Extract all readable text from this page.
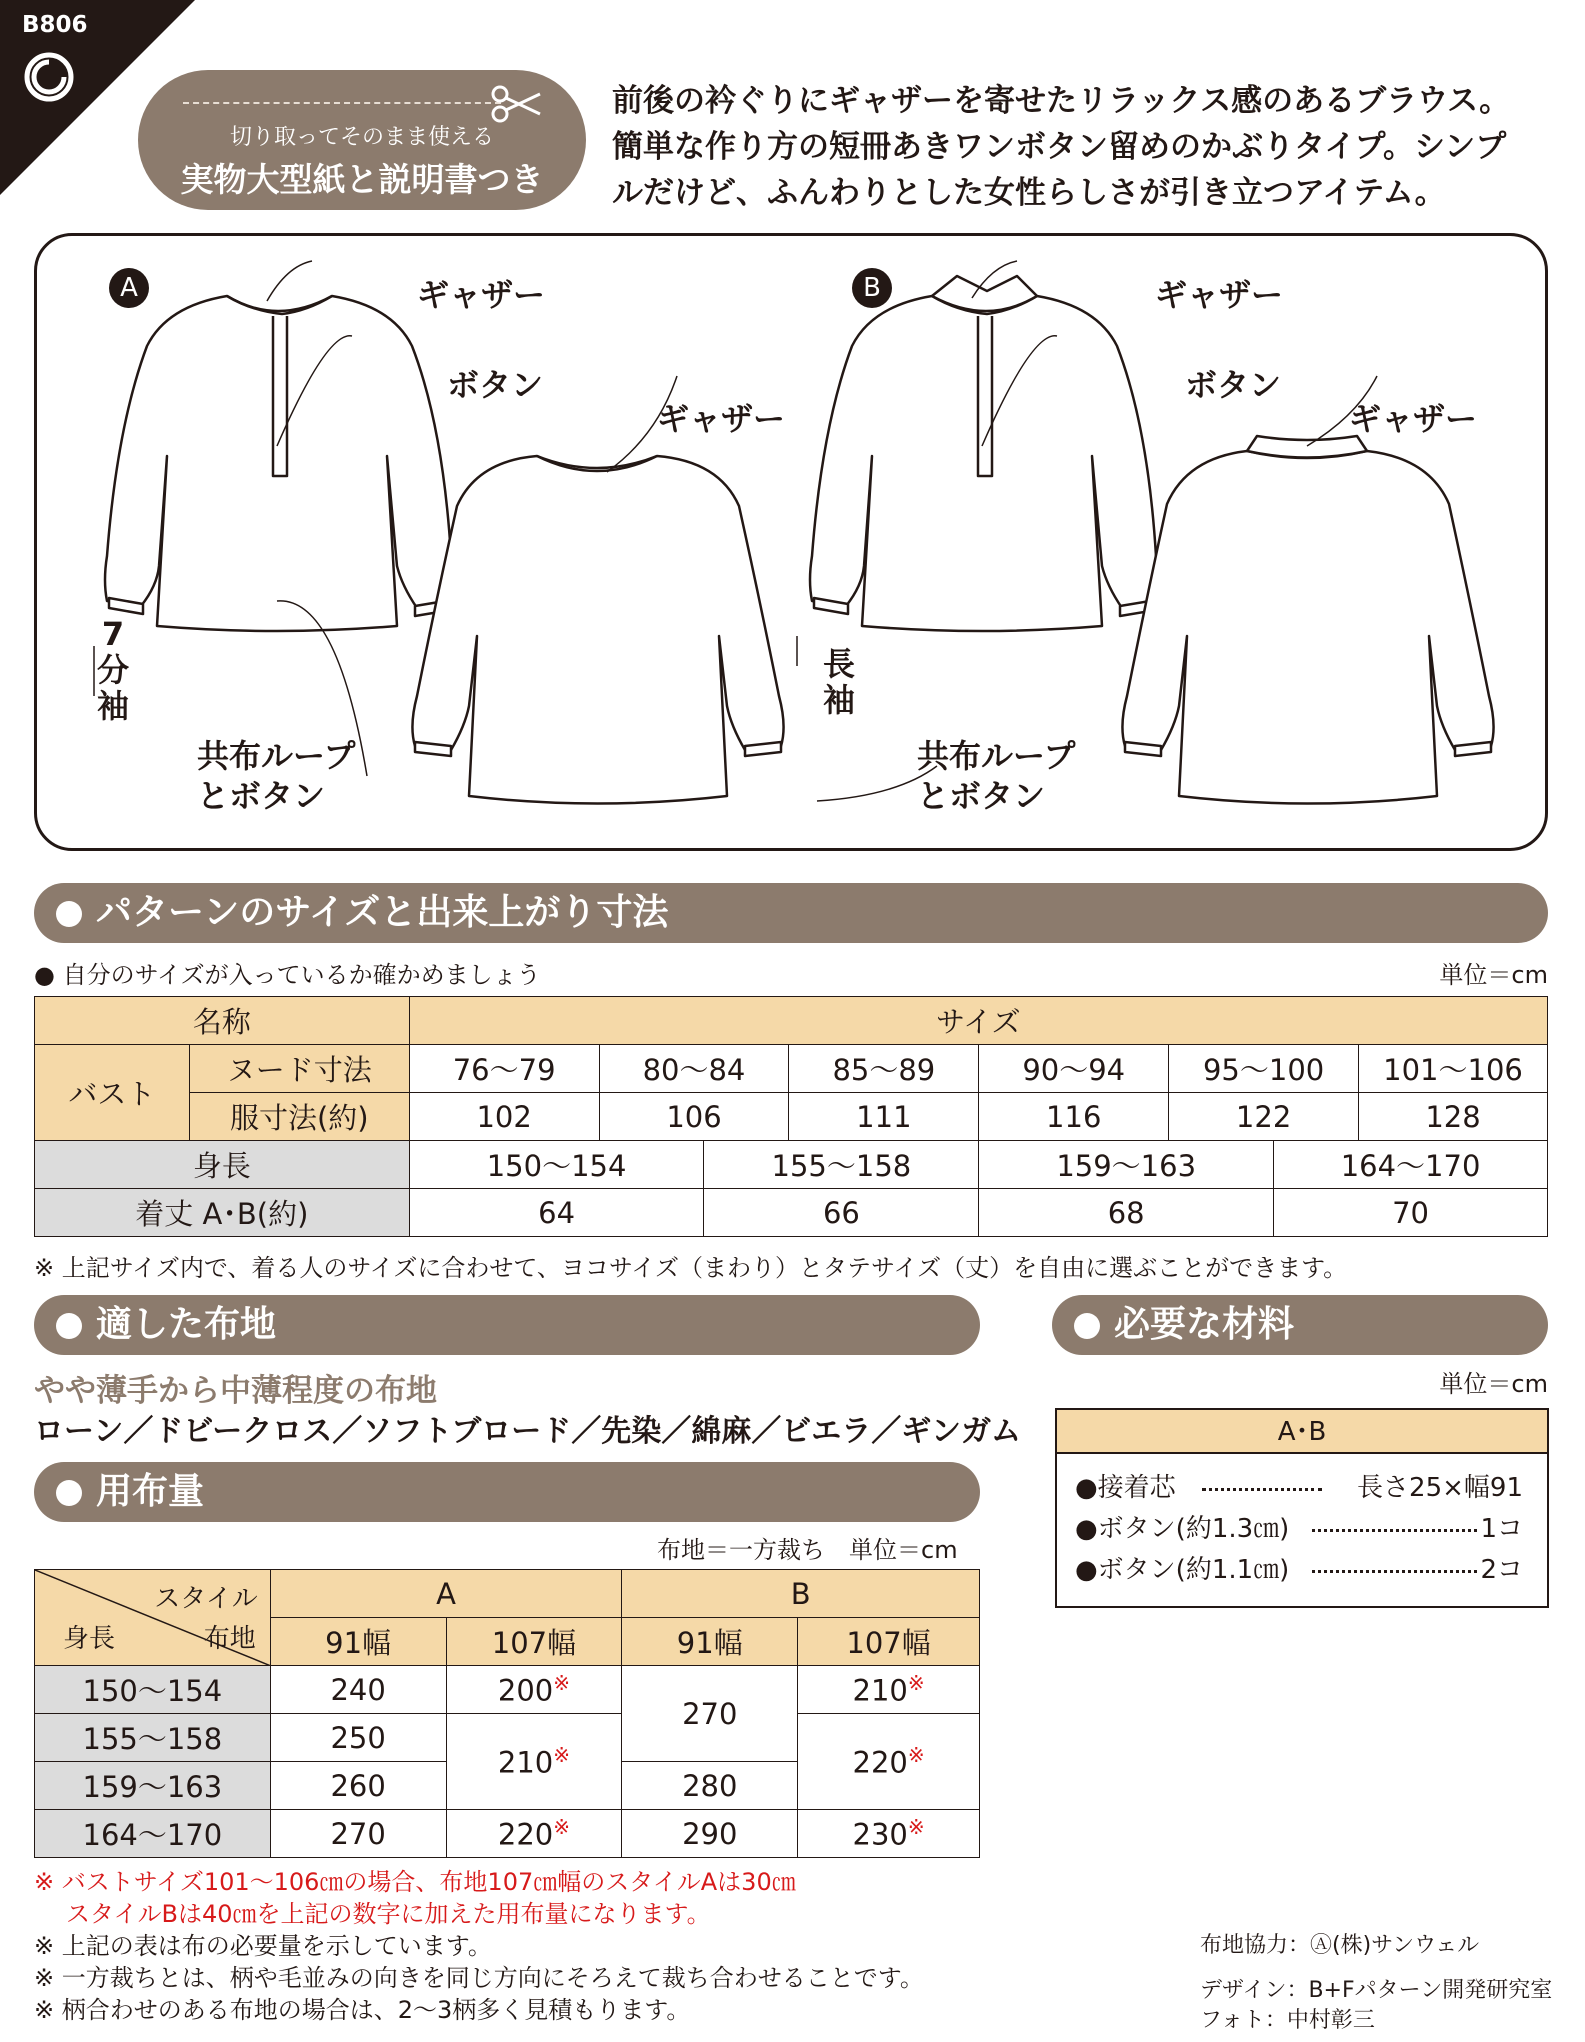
B806
切り取ってそのまま使える
実物大型紙と説明書つき

前後の衿ぐりにギャザーを寄せたリラックス感のあるブラウス。

簡単な作り方の短冊あきワンボタン留めのかぶりタイプ。シンプ

ルだけど、ふんわりとした女性らしさが引き立つアイテム。

A	ギャザー
ボタン
ギャザー
7分袖
共布ループ
とボタン
B	ギャザー
ボタン
ギャザー
長袖
共布ループ
とボタン
パターンのサイズと出来上がり寸法
● 自分のサイズが入っているか確かめましょう	単位＝cm
名称		サイズ							
バスト	ヌード寸法	76〜79	80〜84		85〜89	90〜94	95〜100		101〜106
	服寸法(約)	102	106		111	116	122		128
身長		150〜154		155〜158		159〜163		164〜170	
着丈 A･B(約)		64		66		68		70	
※ 上記サイズ内で、着る人のサイズに合わせて、ヨコサイズ（まわり）とタテサイズ（丈）を自由に選ぶことができます。
適した布地
やや薄手から中薄程度の布地
ローン／ドビークロス／ソフトブロード／先染／綿麻／ビエラ／ギンガム
必要な材料
単位＝cm
A･B
●接着芯	長さ25×幅91
●ボタン(約1.3㎝)	1コ
●ボタン(約1.1㎝)	2コ
用布量
布地＝一方裁ち　単位＝cm
スタイル
身長 布地	A		B	
	91幅	107幅	91幅	107幅
150〜154	240	200※	270	210※
155〜158	250	210※		220※
159〜163	260		280	
164〜170	270	220※	290	230※
※ バストサイズ101〜106㎝の場合、布地107㎝幅のスタイルAは30㎝
スタイルBは40㎝を上記の数字に加えた用布量になります。
※ 上記の表は布の必要量を示しています。
※ 一方裁ちとは、柄や毛並みの向きを同じ方向にそろえて裁ち合わせることです。
※ 柄合わせのある布地の場合は、2〜3柄多く見積もります。
布地協力：Ⓐ(株)サンウェル
デザイン：B+Fパターン開発研究室
フォト：中村彰三
